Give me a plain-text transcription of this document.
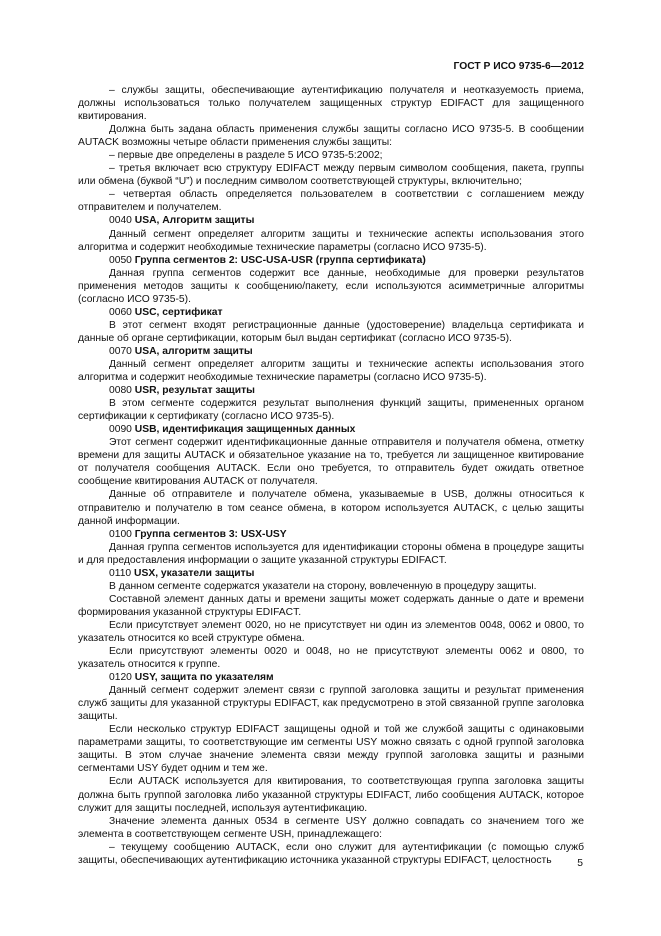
ГОСТ Р ИСО 9735-6—2012

– службы защиты, обеспечивающие аутентификацию получателя и неотказуемость приема, должны использоваться только получателем защищенных структур EDIFACT для защищенного квитирования.

Должна быть задана область применения службы защиты согласно ИСО 9735-5. В сообщении AUTACK возможны четыре области применения службы защиты:

– первые две определены в разделе 5 ИСО 9735-5:2002;

– третья включает всю структуру EDIFACT между первым символом сообщения, пакета, группы или обмена (буквой “U”) и последним символом соответствующей структуры, включительно;

– четвертая область определяется пользователем в соответствии с соглашением между отправителем и получателем.

0040 USA, Алгоритм защиты

Данный сегмент определяет алгоритм защиты и технические аспекты использования этого алгоритма и содержит необходимые технические параметры (согласно ИСО 9735-5).

0050 Группа сегментов 2: USC-USA-USR (группа сертификата)

Данная группа сегментов содержит все данные, необходимые для проверки результатов применения методов защиты к сообщению/пакету, если используются асимметричные алгоритмы (согласно ИСО 9735-5).

0060 USC, сертификат

В этот сегмент входят регистрационные данные (удостоверение) владельца сертификата и данные об органе сертификации, которым был выдан сертификат (согласно ИСО 9735-5).

0070 USA, алгоритм защиты

Данный сегмент определяет алгоритм защиты и технические аспекты использования этого алгоритма и содержит необходимые технические параметры (согласно ИСО 9735-5).

0080 USR, результат защиты

В этом сегменте содержится результат выполнения функций защиты, примененных органом сертификации к сертификату (согласно ИСО 9735-5).

0090 USB, идентификация защищенных данных

Этот сегмент содержит идентификационные данные отправителя и получателя обмена, отметку времени для защиты AUTACK и обязательное указание на то, требуется ли защищенное квитирование от получателя сообщения AUTACK. Если оно требуется, то отправитель будет ожидать ответное сообщение квитирования AUTACK от получателя.

Данные об отправителе и получателе обмена, указываемые в USB, должны относиться к отправителю и получателю в том сеансе обмена, в котором используется AUTACK, с целью защиты данной информации.

0100 Группа сегментов 3: USX-USY

Данная группа сегментов используется для идентификации стороны обмена в процедуре защиты и для предоставления информации о защите указанной структуры EDIFACT.

0110 USX, указатели защиты

В данном сегменте содержатся указатели на сторону, вовлеченную в процедуру защиты.

Составной элемент данных даты и времени защиты может содержать данные о дате и времени формирования указанной структуры EDIFACT.

Если присутствует элемент 0020, но не присутствует ни один из элементов 0048, 0062 и 0800, то указатель относится ко всей структуре обмена.

Если присутствуют элементы 0020 и 0048, но не присутствуют элементы 0062 и 0800, то указатель относится к группе.

0120 USY, защита по указателям

Данный сегмент содержит элемент связи с группой заголовка защиты и результат применения служб защиты для указанной структуры EDIFACT, как предусмотрено в этой связанной группе заголовка защиты.

Если несколько структур EDIFACT защищены одной и той же службой защиты с одинаковыми параметрами защиты, то соответствующие им сегменты USY можно связать с одной группой заголовка защиты. В этом случае значение элемента связи между группой заголовка защиты и разными сегментами USY будет одним и тем же.

Если AUTACK используется для квитирования, то соответствующая группа заголовка защиты должна быть группой заголовка либо указанной структуры EDIFACT, либо сообщения AUTACK, которое служит для защиты последней, используя аутентификацию.

Значение элемента данных 0534 в сегменте USY должно совпадать со значением того же элемента в соответствующем сегменте USH, принадлежащего:

– текущему сообщению AUTACK, если оно служит для аутентификации (с помощью служб защиты, обеспечивающих аутентификацию источника указанной структуры EDIFACT, целостность	5
